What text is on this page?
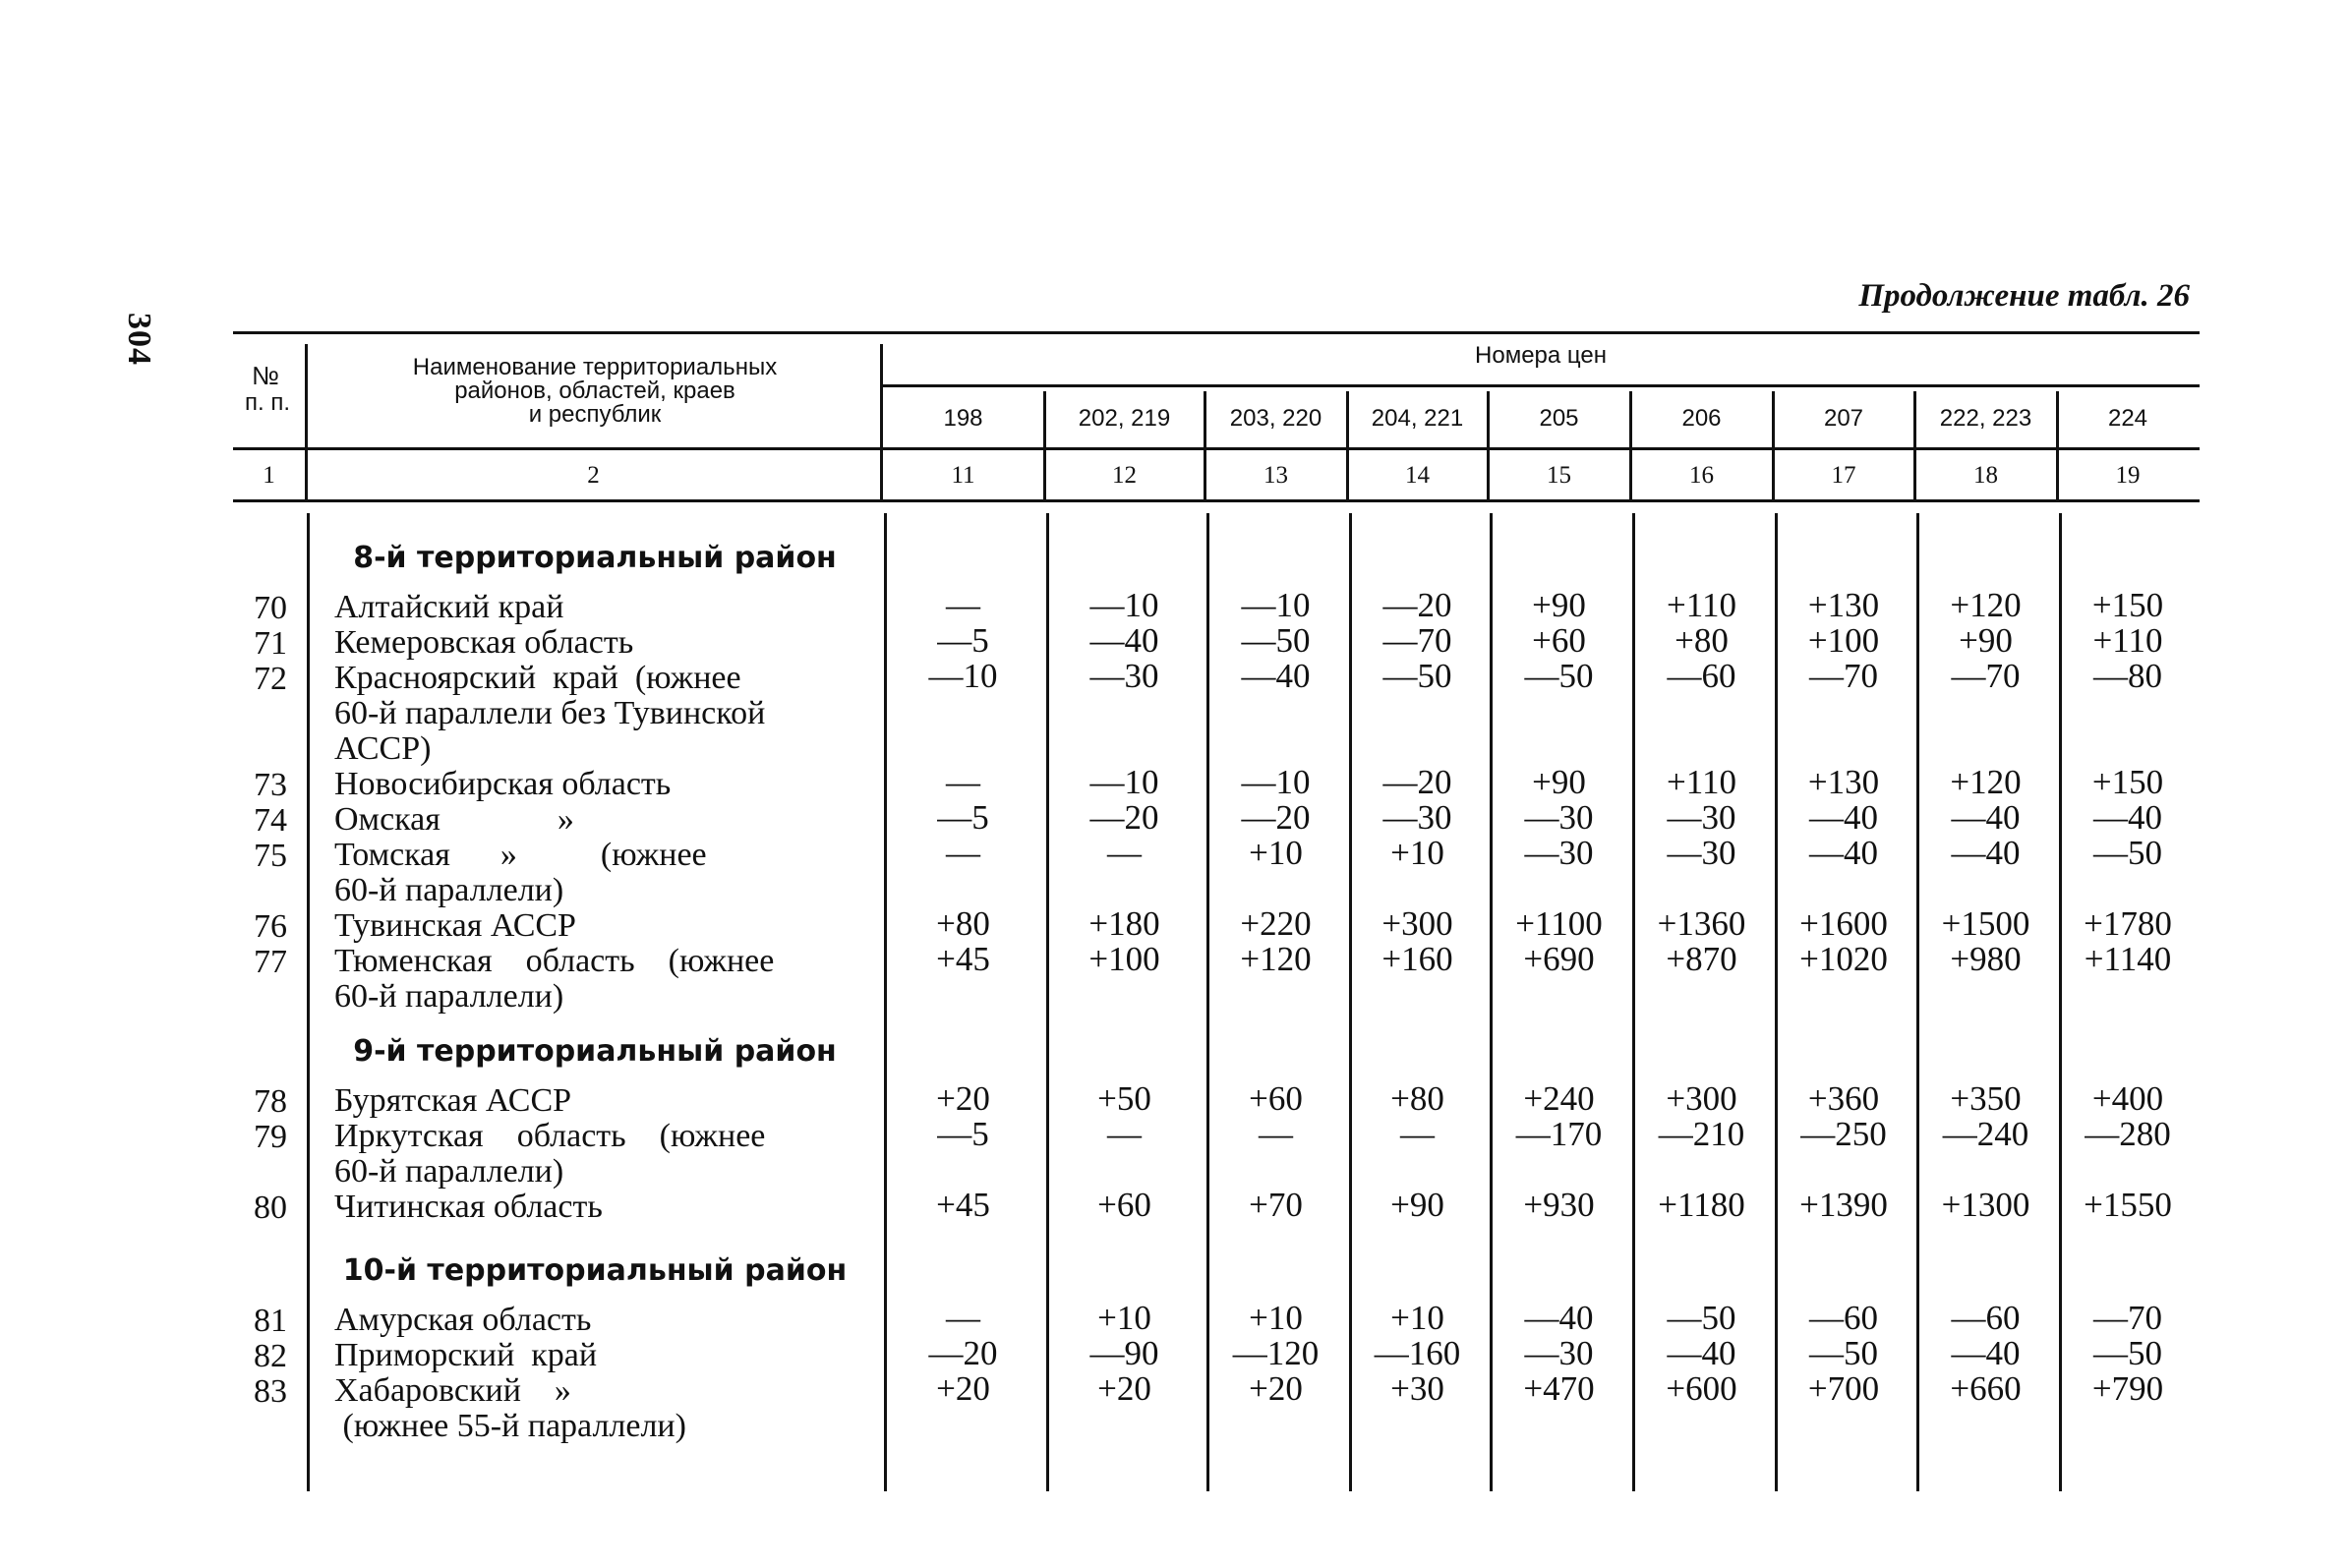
304
Продолжение табл. 26
№
п. п.
Наименование территориальных
районов, областей, краев
и республик
Номера цен
198	202, 219	203, 220	204, 221	205	206	207	222, 223	224
1	2	11	12	13	14	15	16	17	18	19
8-й территориальный район
70 Алтайский край	—	—10	—10	—20	+90	+110	+130	+120	+150
71 Кемеровская область	—5	—40	—50	—70	+60	+80	+100	+90	+110
72 Красноярский  край  (южнее
60-й параллели без Тувинской
АССР)
—10	—30	—40	—50	—50	—60	—70	—70	—80
73 Новосибирская область	—	—10	—10	—20	+90	+110	+130	+120	+150
74 Омская              »	—5	—20	—20	—30	—30	—30	—40	—40	—40
75 Томская      »          (южнее
60-й параллели)
—	—	+10	+10	—30	—30	—40	—40	—50
76 Тувинская АССР	+80	+180	+220	+300	+1100	+1360	+1600	+1500	+1780
77 Тюменская    область    (южнее
60-й параллели)
+45	+100	+120	+160	+690	+870	+1020	+980	+1140
9-й территориальный район
78 Бурятская АССР	+20	+50	+60	+80	+240	+300	+360	+350	+400
79 Иркутская    область    (южнее
60-й параллели)
—5	—	—	—	—170	—210	—250	—240	—280
80 Читинская область	+45	+60	+70	+90	+930	+1180	+1390	+1300	+1550
10-й территориальный район
81 Амурская область	—	+10	+10	+10	—40	—50	—60	—60	—70
82 Приморский  край	—20	—90	—120	—160	—30	—40	—50	—40	—50
83 Хабаровский    »
(южнее 55-й параллели)
+20	+20	+20	+30	+470	+600	+700	+660	+790
